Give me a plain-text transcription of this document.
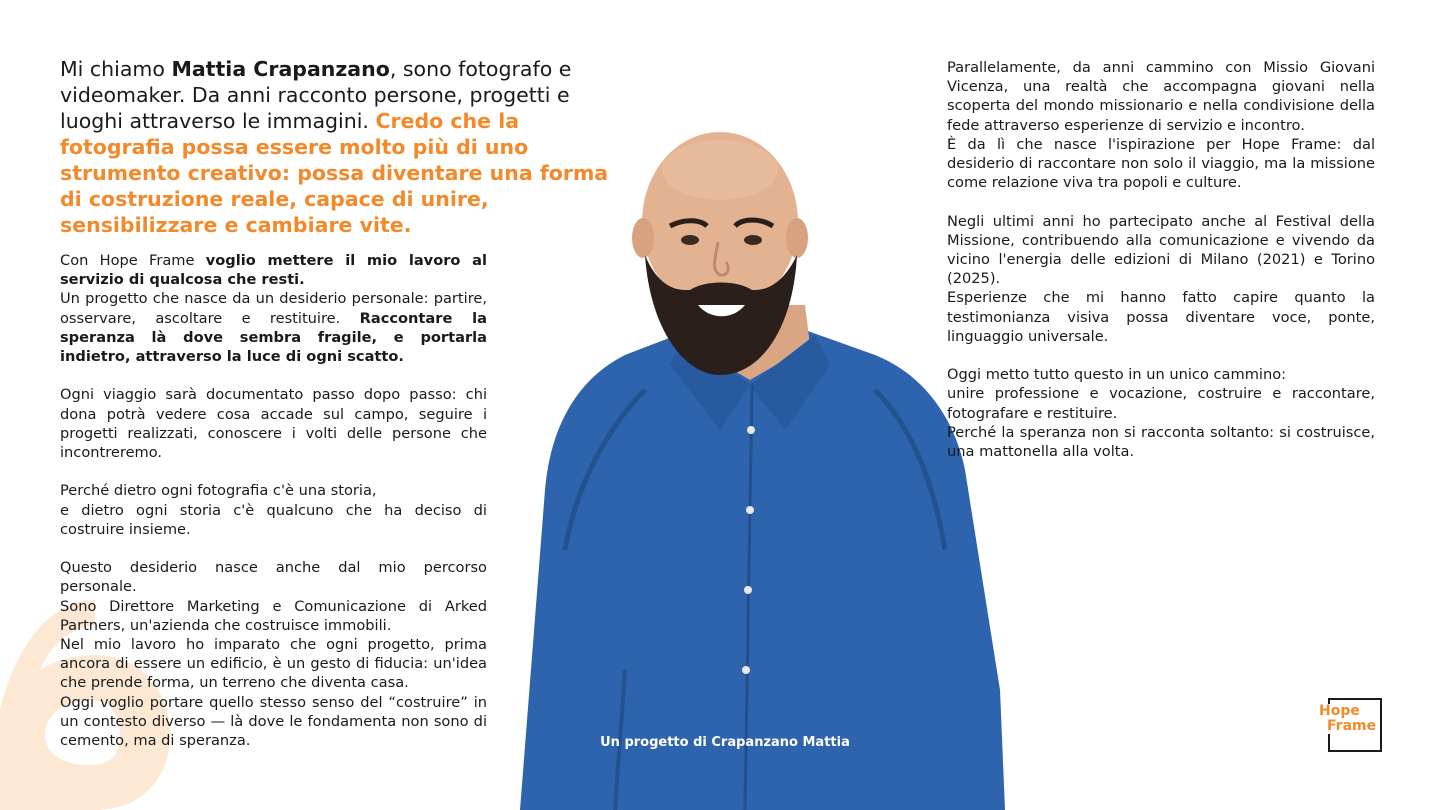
Mi chiamo Mattia Crapanzano, sono fotografo e videomaker. Da anni racconto persone, progetti e luoghi attraverso le immagini. Credo che la fotografia possa essere molto più di uno strumento creativo: possa diventare una forma di costruzione reale, capace di unire, sensibilizzare e cambiare vite.
Con Hope Frame voglio mettere il mio lavoro al servizio di qualcosa che resti.
Un progetto che nasce da un desiderio personale: partire, osservare, ascoltare e restituire. Raccontare la speranza là dove sembra fragile, e portarla indietro, attraverso la luce di ogni scatto.
Ogni viaggio sarà documentato passo dopo passo: chi dona potrà vedere cosa accade sul campo, seguire i progetti realizzati, conoscere i volti delle persone che incontreremo.
Perché dietro ogni fotografia c'è una storia,
e dietro ogni storia c'è qualcuno che ha deciso di costruire insieme.
Questo desiderio nasce anche dal mio percorso personale.
Sono Direttore Marketing e Comunicazione di Arked Partners, un'azienda che costruisce immobili.
Nel mio lavoro ho imparato che ogni progetto, prima ancora di essere un edificio, è un gesto di fiducia: un'idea che prende forma, un terreno che diventa casa.
Oggi voglio portare quello stesso senso del “costruire” in un contesto diverso — là dove le fondamenta non sono di cemento, ma di speranza.	Un progetto di Crapanzano Mattia
Parallelamente, da anni cammino con Missio Giovani Vicenza, una realtà che accompagna giovani nella scoperta del mondo missionario e nella condivisione della fede attraverso esperienze di servizio e incontro.
È da lì che nasce l'ispirazione per Hope Frame: dal desiderio di raccontare non solo il viaggio, ma la missione come relazione viva tra popoli e culture.
Negli ultimi anni ho partecipato anche al Festival della Missione, contribuendo alla comunicazione e vivendo da vicino l'energia delle edizioni di Milano (2021) e Torino (2025).
Esperienze che mi hanno fatto capire quanto la testimonianza visiva possa diventare voce, ponte, linguaggio universale.
Oggi metto tutto questo in un unico cammino:
unire professione e vocazione, costruire e raccontare, fotografare e restituire.
Perché la speranza non si racconta soltanto: si costruisce, una mattonella alla volta.
Hope
Frame
